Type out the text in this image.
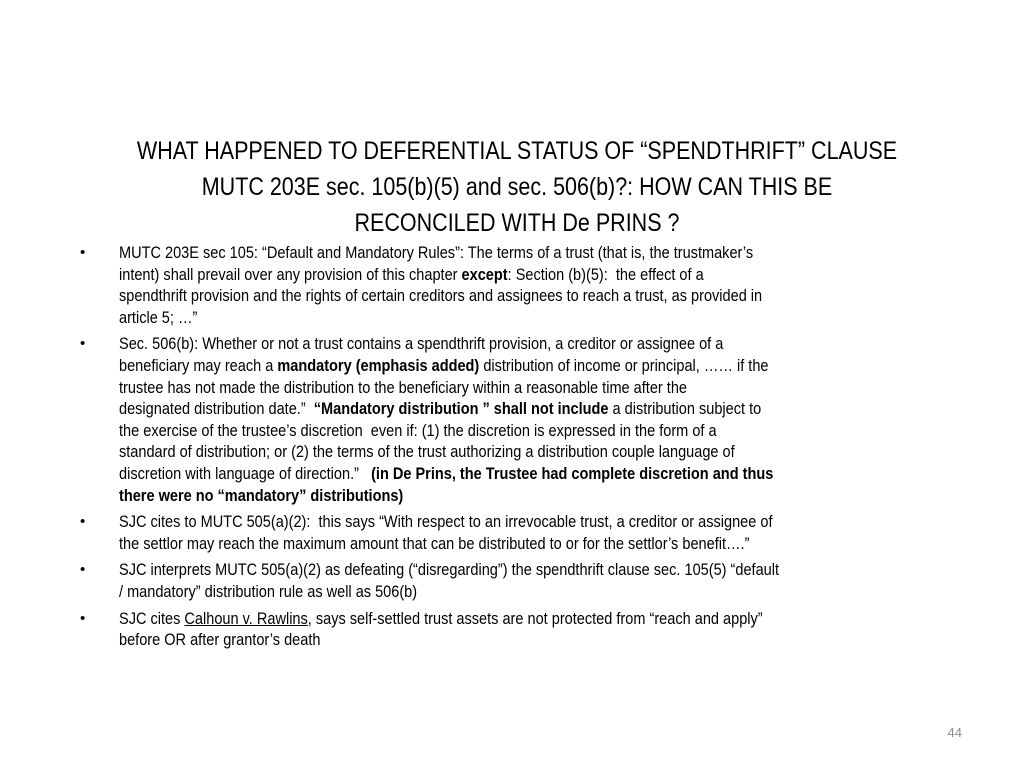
WHAT HAPPENED TO DEFERENTIAL STATUS OF “SPENDTHRIFT” CLAUSE
MUTC 203E sec. 105(b)(5) and sec. 506(b)?: HOW CAN THIS BE
RECONCILED WITH De PRINS ?
• MUTC 203E sec 105: “Default and Mandatory Rules”: The terms of a trust (that is, the trustmaker’s
intent) shall prevail over any provision of this chapter except: Section (b)(5):  the effect of a
spendthrift provision and the rights of certain creditors and assignees to reach a trust, as provided in
article 5; …”
• Sec. 506(b): Whether or not a trust contains a spendthrift provision, a creditor or assignee of a
beneficiary may reach a mandatory (emphasis added) distribution of income or principal, …… if the
trustee has not made the distribution to the beneficiary within a reasonable time after the
designated distribution date.”  “Mandatory distribution ” shall not include a distribution subject to
the exercise of the trustee’s discretion  even if: (1) the discretion is expressed in the form of a
standard of distribution; or (2) the terms of the trust authorizing a distribution couple language of
discretion with language of direction.”   (in De Prins, the Trustee had complete discretion and thus
there were no “mandatory” distributions)
• SJC cites to MUTC 505(a)(2):  this says “With respect to an irrevocable trust, a creditor or assignee of
the settlor may reach the maximum amount that can be distributed to or for the settlor’s benefit….”
• SJC interprets MUTC 505(a)(2) as defeating (“disregarding”) the spendthrift clause sec. 105(5) “default
/ mandatory” distribution rule as well as 506(b)
• SJC cites Calhoun v. Rawlins, says self-settled trust assets are not protected from “reach and apply”
before OR after grantor’s death
44
